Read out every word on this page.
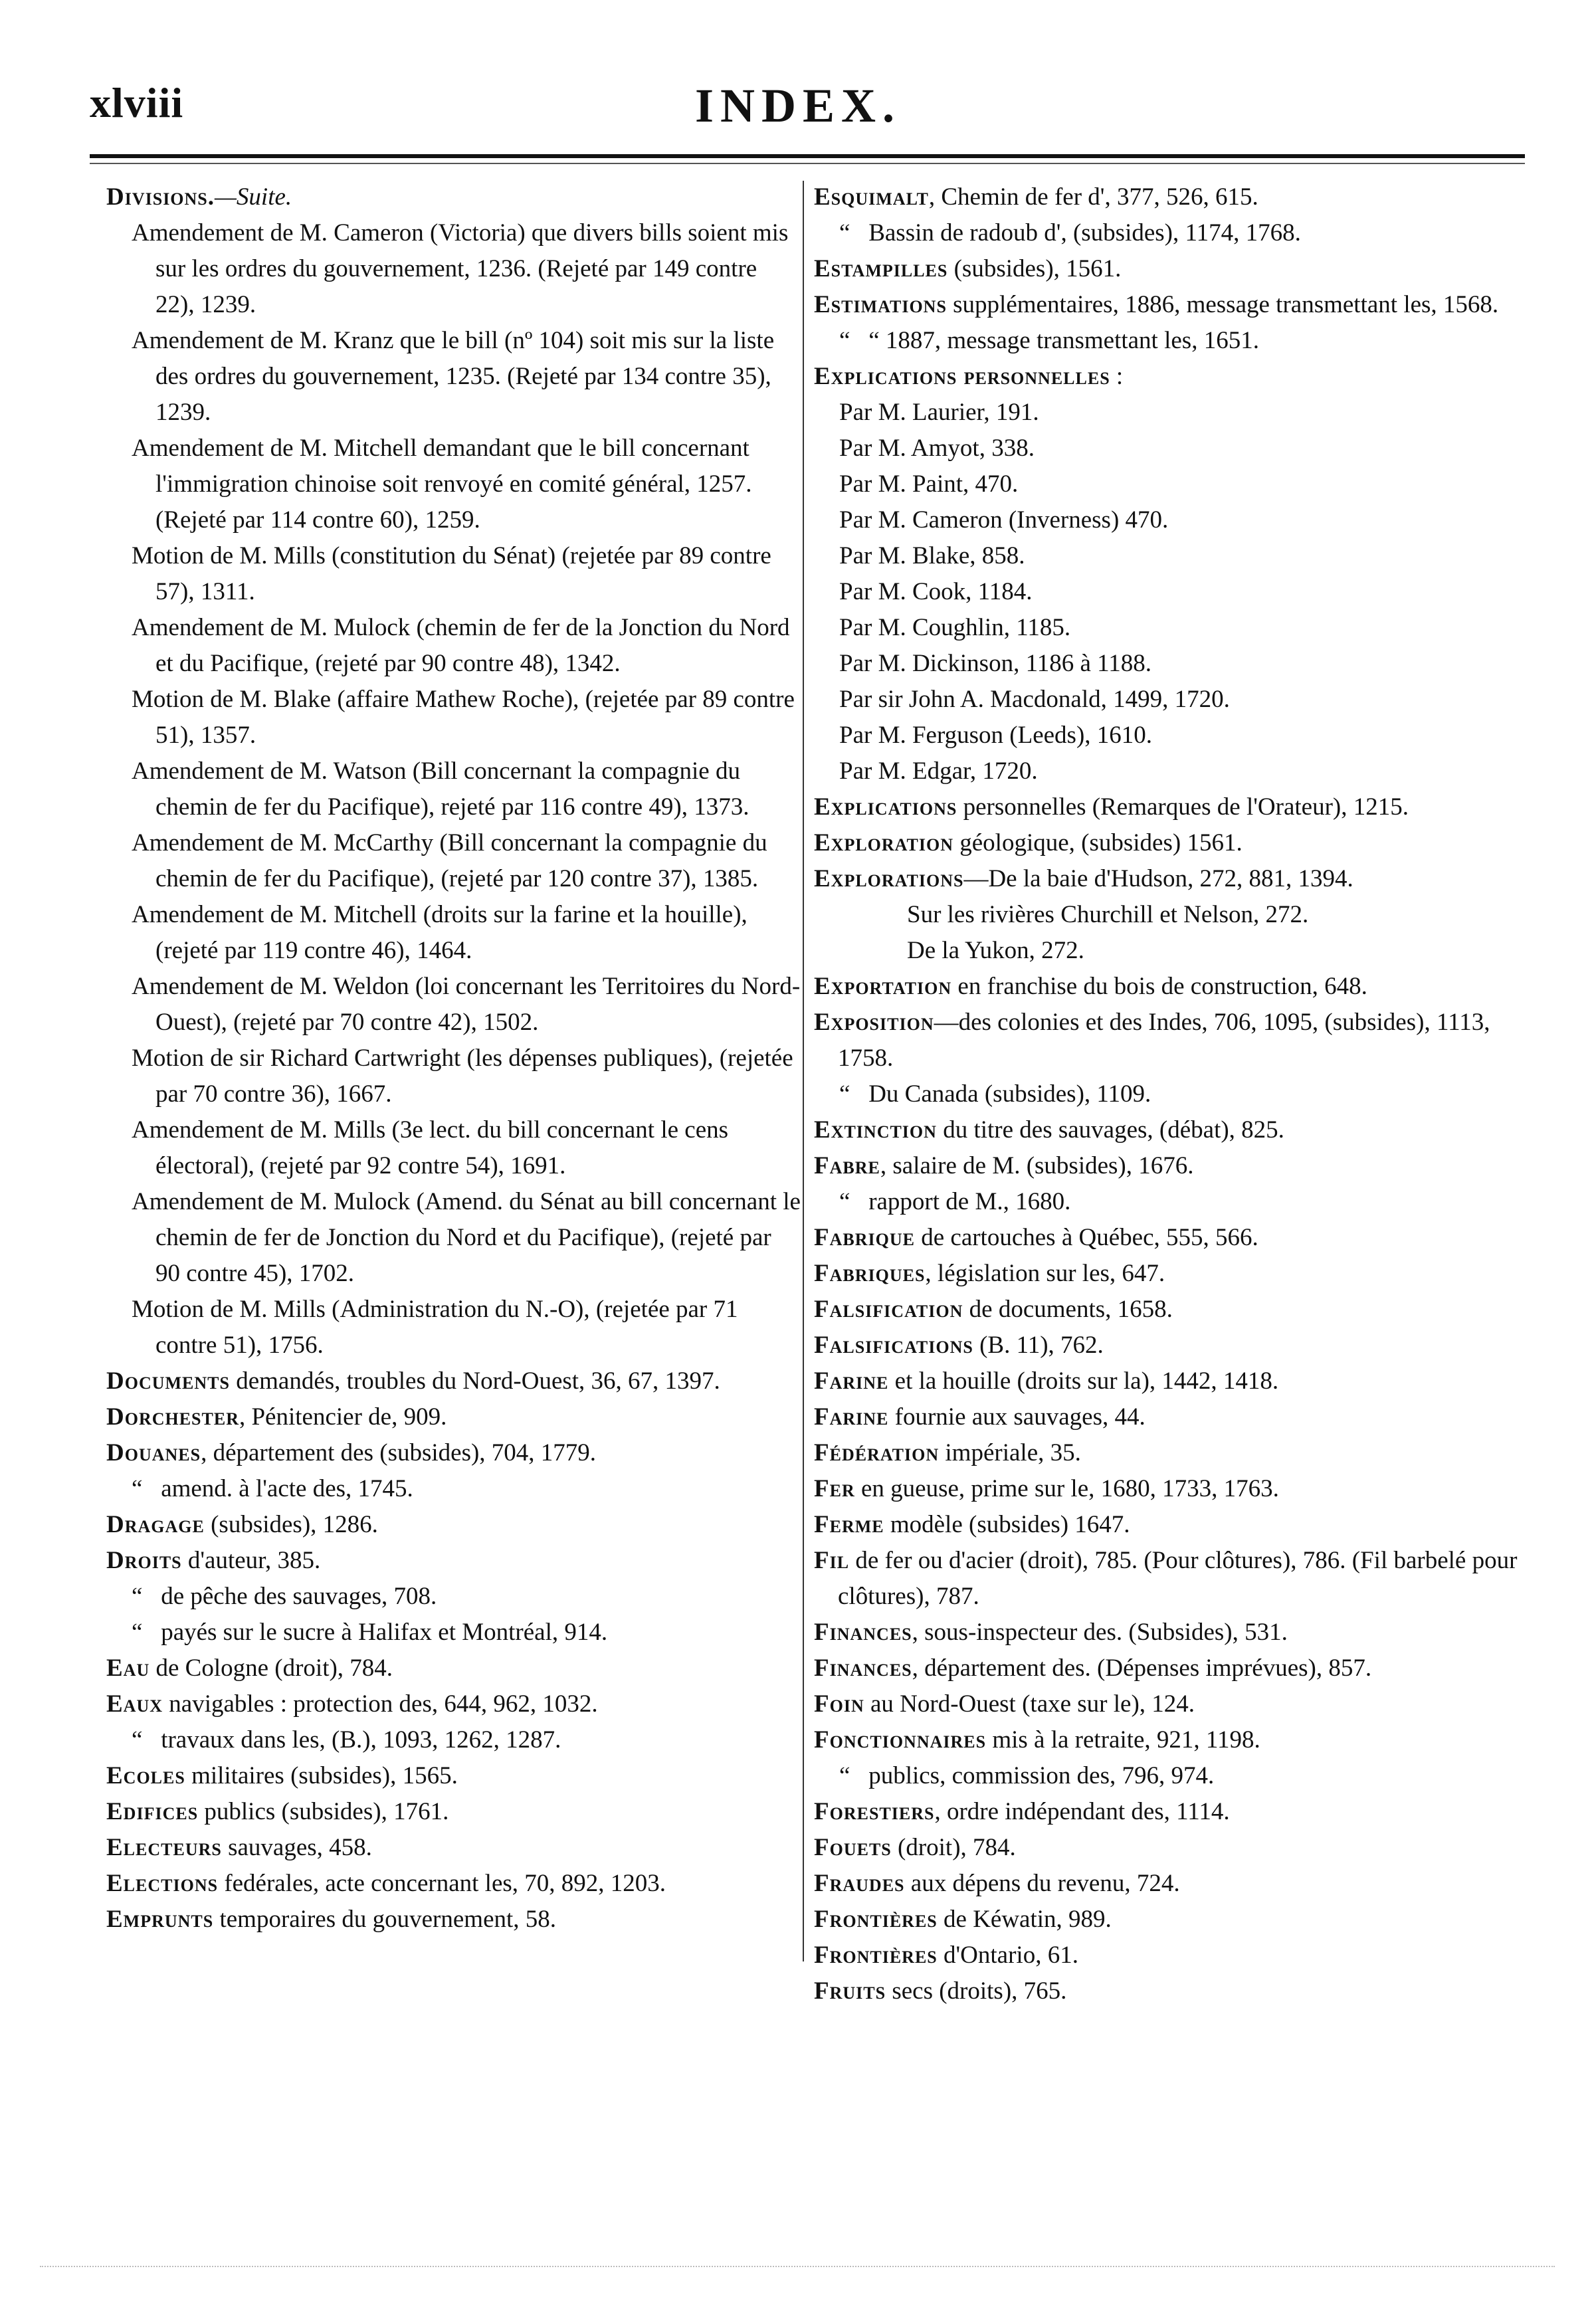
xlviii	INDEX.

Divisions.—Suite.

Amendement de M. Cameron (Victoria) que divers bills soient mis sur les ordres du gouvernement, 1236. (Rejeté par 149 contre 22), 1239.

Amendement de M. Kranz que le bill (nº 104) soit mis sur la liste des ordres du gouvernement, 1235. (Rejeté par 134 contre 35), 1239.

Amendement de M. Mitchell demandant que le bill concernant l'immigration chinoise soit renvoyé en comité général, 1257. (Rejeté par 114 contre 60), 1259.

Motion de M. Mills (constitution du Sénat) (rejetée par 89 contre 57), 1311.

Amendement de M. Mulock (chemin de fer de la Jonction du Nord et du Pacifique, (rejeté par 90 contre 48), 1342.

Motion de M. Blake (affaire Mathew Roche), (rejetée par 89 contre 51), 1357.

Amendement de M. Watson (Bill concernant la compagnie du chemin de fer du Pacifique), rejeté par 116 contre 49), 1373.

Amendement de M. McCarthy (Bill concernant la compagnie du chemin de fer du Pacifique), (rejeté par 120 contre 37), 1385.

Amendement de M. Mitchell (droits sur la farine et la houille), (rejeté par 119 contre 46), 1464.

Amendement de M. Weldon (loi concernant les Territoires du Nord-Ouest), (rejeté par 70 contre 42), 1502.

Motion de sir Richard Cartwright (les dépenses publiques), (rejetée par 70 contre 36), 1667.

Amendement de M. Mills (3e lect. du bill concernant le cens électoral), (rejeté par 92 contre 54), 1691.

Amendement de M. Mulock (Amend. du Sénat au bill concernant le chemin de fer de Jonction du Nord et du Pacifique), (rejeté par 90 contre 45), 1702.

Motion de M. Mills (Administration du N.-O), (rejetée par 71 contre 51), 1756.

Documents demandés, troubles du Nord-Ouest, 36, 67, 1397.

Dorchester, Pénitencier de, 909.

Douanes, département des (subsides), 704, 1779.

“ amend. à l'acte des, 1745.

Dragage (subsides), 1286.

Droits d'auteur, 385.

“ de pêche des sauvages, 708.

“ payés sur le sucre à Halifax et Montréal, 914.

Eau de Cologne (droit), 784.

Eaux navigables : protection des, 644, 962, 1032.

“ travaux dans les, (B.), 1093, 1262, 1287.

Ecoles militaires (subsides), 1565.

Edifices publics (subsides), 1761.

Electeurs sauvages, 458.

Elections fedérales, acte concernant les, 70, 892, 1203.

Emprunts temporaires du gouvernement, 58.

Esquimalt, Chemin de fer d', 377, 526, 615.

“ Bassin de radoub d', (subsides), 1174, 1768.

Estampilles (subsides), 1561.

Estimations supplémentaires, 1886, message transmettant les, 1568.

“ “ 1887, message transmettant les, 1651.

Explications personnelles :

Par M. Laurier, 191.

Par M. Amyot, 338.

Par M. Paint, 470.

Par M. Cameron (Inverness) 470.

Par M. Blake, 858.

Par M. Cook, 1184.

Par M. Coughlin, 1185.

Par M. Dickinson, 1186 à 1188.

Par sir John A. Macdonald, 1499, 1720.

Par M. Ferguson (Leeds), 1610.

Par M. Edgar, 1720.

Explications personnelles (Remarques de l'Orateur), 1215.

Exploration géologique, (subsides) 1561.

Explorations—De la baie d'Hudson, 272, 881, 1394.

Sur les rivières Churchill et Nelson, 272.

De la Yukon, 272.

Exportation en franchise du bois de construction, 648.

Exposition—des colonies et des Indes, 706, 1095, (subsides), 1113, 1758.

“ Du Canada (subsides), 1109.

Extinction du titre des sauvages, (débat), 825.

Fabre, salaire de M. (subsides), 1676.

“ rapport de M., 1680.

Fabrique de cartouches à Québec, 555, 566.

Fabriques, législation sur les, 647.

Falsification de documents, 1658.

Falsifications (B. 11), 762.

Farine et la houille (droits sur la), 1442, 1418.

Farine fournie aux sauvages, 44.

Fédération impériale, 35.

Fer en gueuse, prime sur le, 1680, 1733, 1763.

Ferme modèle (subsides) 1647.

Fil de fer ou d'acier (droit), 785. (Pour clôtures), 786. (Fil barbelé pour clôtures), 787.

Finances, sous-inspecteur des. (Subsides), 531.

Finances, département des. (Dépenses imprévues), 857.

Foin au Nord-Ouest (taxe sur le), 124.

Fonctionnaires mis à la retraite, 921, 1198.

“ publics, commission des, 796, 974.

Forestiers, ordre indépendant des, 1114.

Fouets (droit), 784.

Fraudes aux dépens du revenu, 724.

Frontières de Kéwatin, 989.

Frontières d'Ontario, 61.

Fruits secs (droits), 765.
